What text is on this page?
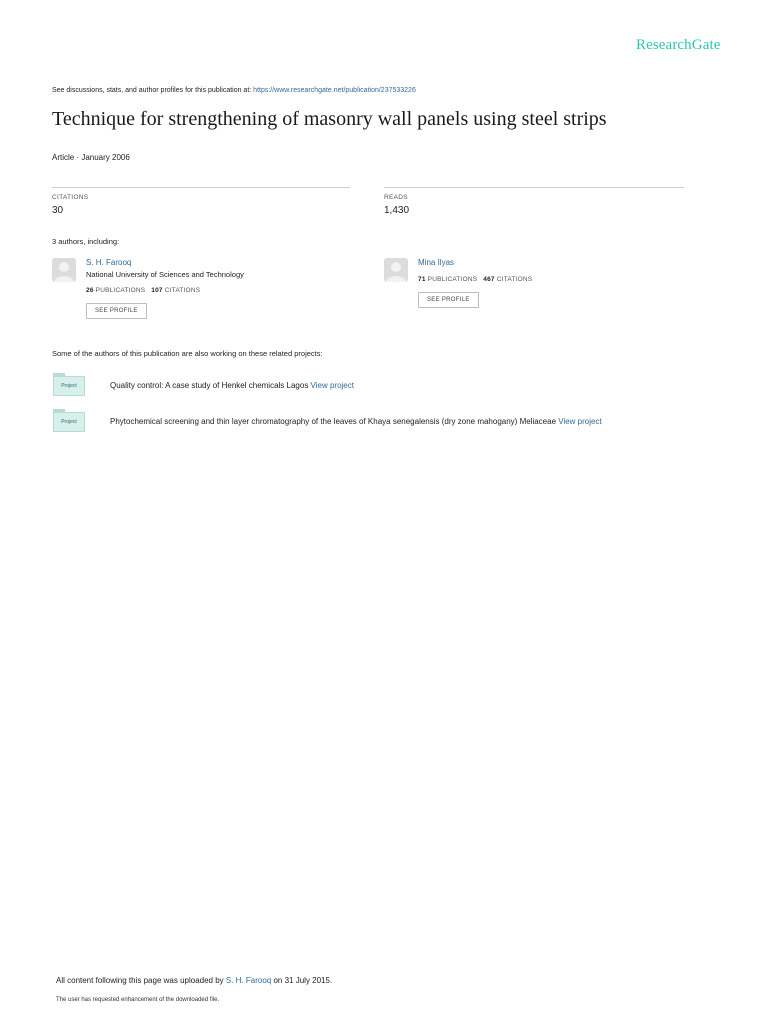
ResearchGate
See discussions, stats, and author profiles for this publication at: https://www.researchgate.net/publication/237533226
Technique for strengthening of masonry wall panels using steel strips
Article · January 2006
CITATIONS
30
READS
1,430
3 authors, including:
S. H. Farooq
National University of Sciences and Technology
26 PUBLICATIONS 107 CITATIONS
SEE PROFILE
Mina Ilyas
71 PUBLICATIONS 467 CITATIONS
SEE PROFILE
Some of the authors of this publication are also working on these related projects:
Project	Quality control: A case study of Henkel chemicals Lagos View project
Project	Phytochemical screening and thin layer chromatography of the leaves of Khaya senegalensis (dry zone mahogany) Meliaceae View project
All content following this page was uploaded by S. H. Farooq on 31 July 2015.
The user has requested enhancement of the downloaded file.
